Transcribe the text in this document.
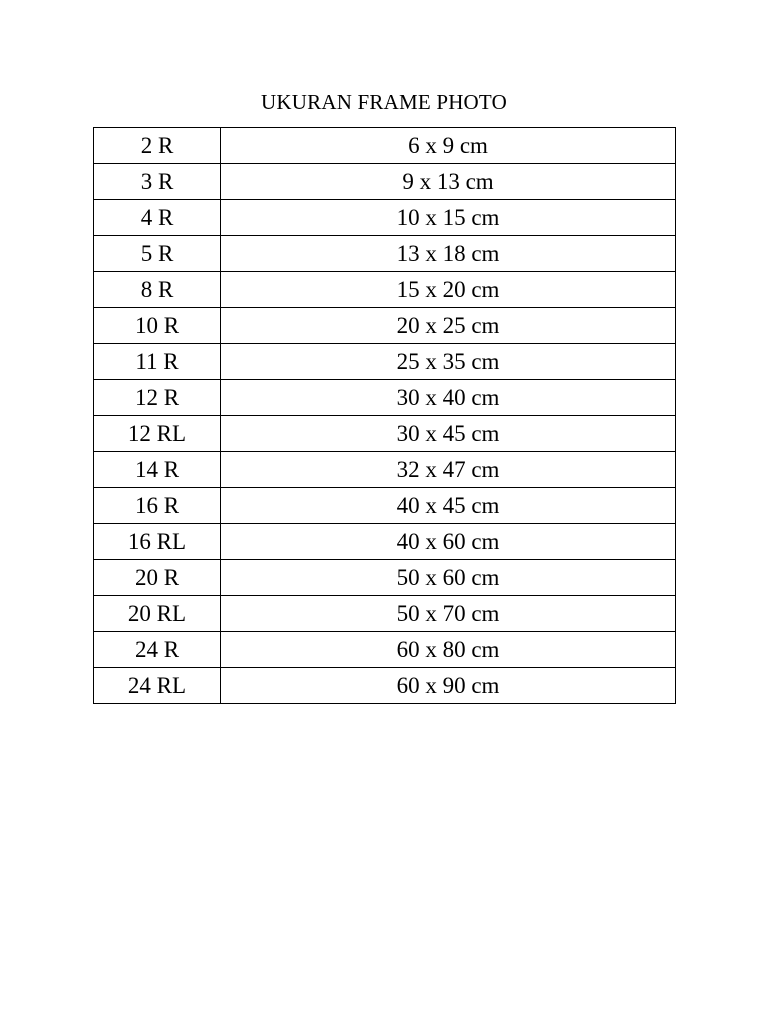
UKURAN FRAME PHOTO
2 R	6 x 9 cm
3 R	9 x 13 cm
4 R	10 x 15 cm
5 R	13 x 18 cm
8 R	15 x 20 cm
10 R	20 x 25 cm
11 R	25 x 35 cm
12 R	30 x 40 cm
12 RL	30 x 45 cm
14 R	32 x 47 cm
16 R	40 x 45 cm
16 RL	40 x 60 cm
20 R	50 x 60 cm
20 RL	50 x 70 cm
24 R	60 x 80 cm
24 RL	60 x 90 cm
